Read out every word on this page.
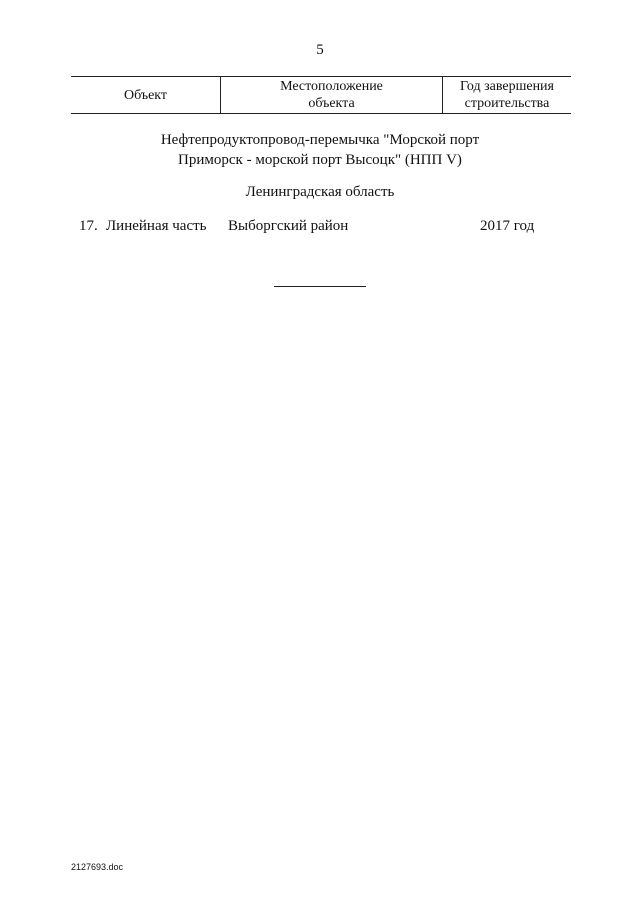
5
Объект
Местоположение
объекта
Год завершения
строительства
Нефтепродуктопровод-перемычка "Морской порт
Приморск - морской порт Высоцк" (НПП V)
Ленинградская область
17. Линейная часть Выборгский район	2017 год
2127693.doc
